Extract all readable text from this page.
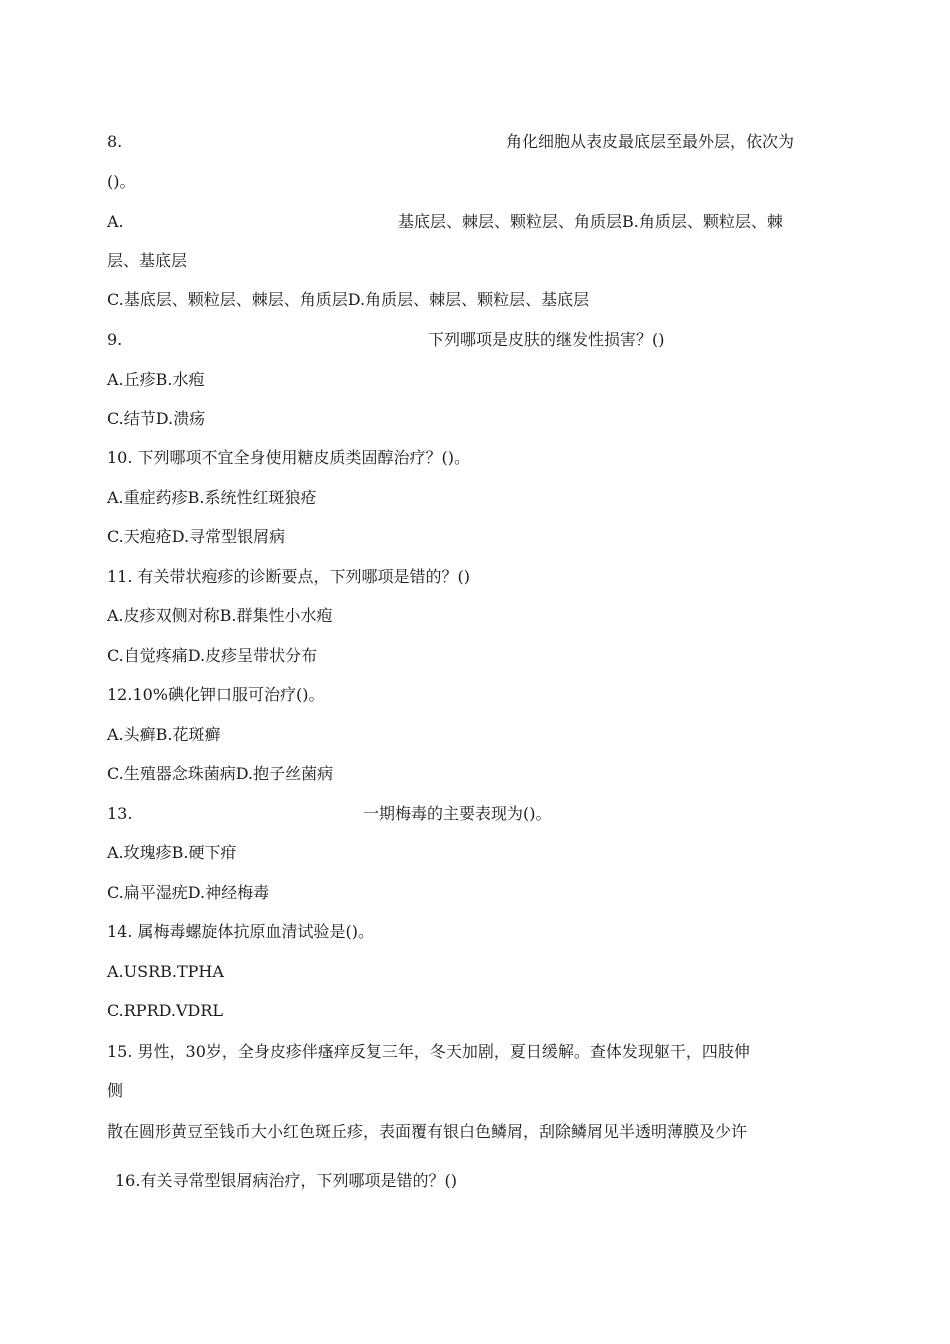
8.	角化细胞从表皮最底层至最外层，依次为
()。
A.	基底层、棘层、颗粒层、角质层B.角质层、颗粒层、棘
层、基底层
C.基底层、颗粒层、棘层、角质层D.角质层、棘层、颗粒层、基底层
9.	下列哪项是皮肤的继发性损害？()
A.丘疹B.水疱
C.结节D.溃疡
10. 下列哪项不宜全身使用糖皮质类固醇治疗？()。
A.重症药疹B.系统性红斑狼疮
C.天疱疮D.寻常型银屑病
11. 有关带状疱疹的诊断要点，下列哪项是错的？()
A.皮疹双侧对称B.群集性小水疱
C.自觉疼痛D.皮疹呈带状分布
12.10%碘化钾口服可治疗()。
A.头癣B.花斑癣
C.生殖器念珠菌病D.抱子丝菌病
13.	一期梅毒的主要表现为()。
A.玫瑰疹B.硬下疳
C.扁平湿疣D.神经梅毒
14. 属梅毒螺旋体抗原血清试验是()。
A.USRB.TPHA
C.RPRD.VDRL
15. 男性，30岁，全身皮疹伴瘙痒反复三年，冬天加剧，夏日缓解。查体发现躯干，四肢伸
侧
散在圆形黄豆至钱币大小红色斑丘疹，表面覆有银白色鳞屑，刮除鳞屑见半透明薄膜及少许
16.有关寻常型银屑病治疗，下列哪项是错的？()
